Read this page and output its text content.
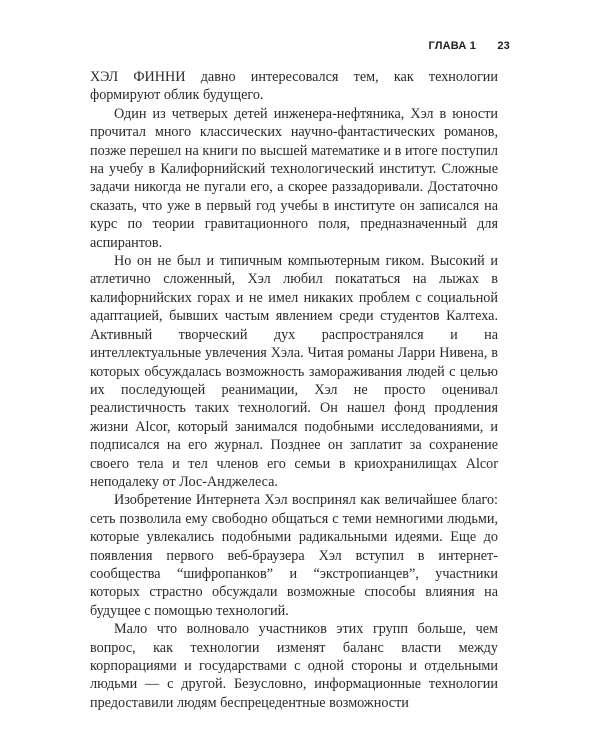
ГЛАВА 1 23

ХЭЛ ФИННИ давно интересовался тем, как технологии формируют облик будущего.

Один из четверых детей инженера-нефтяника, Хэл в юности прочитал много классических научно-фантастических романов, позже перешел на книги по высшей математике и в итоге поступил на учебу в Калифорнийский технологический институт. Сложные задачи никогда не пугали его, а скорее раззадоривали. Достаточно сказать, что уже в первый год учебы в институте он записался на курс по теории гравитационного поля, предназначенный для аспирантов.

Но он не был и типичным компьютерным гиком. Высокий и атлетично сложенный, Хэл любил покататься на лыжах в калифорнийских горах и не имел никаких проблем с социальной адаптацией, бывших частым явлением среди студентов Калтеха. Активный творческий дух распространялся и на интеллектуальные увлечения Хэла. Читая романы Ларри Нивена, в которых обсуждалась возможность замораживания людей с целью их последующей реанимации, Хэл не просто оценивал реалистичность таких технологий. Он нашел фонд продления жизни Alcor, который занимался подобными исследованиями, и подписался на его журнал. Позднее он заплатит за сохранение своего тела и тел членов его семьи в криохранилищах Alcor неподалеку от Лос-Анджелеса.

Изобретение Интернета Хэл воспринял как величайшее благо: сеть позволила ему свободно общаться с теми немногими людьми, которые увлекались подобными радикальными идеями. Еще до появления первого веб-браузера Хэл вступил в интернет-сообщества “шифропанков” и “экстропианцев”, участники которых страстно обсуждали возможные способы влияния на будущее с помощью технологий.

Мало что волновало участников этих групп больше, чем вопрос, как технологии изменят баланс власти между корпорациями и государствами с одной стороны и отдельными людьми — с другой. Безусловно, информационные технологии предоставили людям беспрецедентные возможности
